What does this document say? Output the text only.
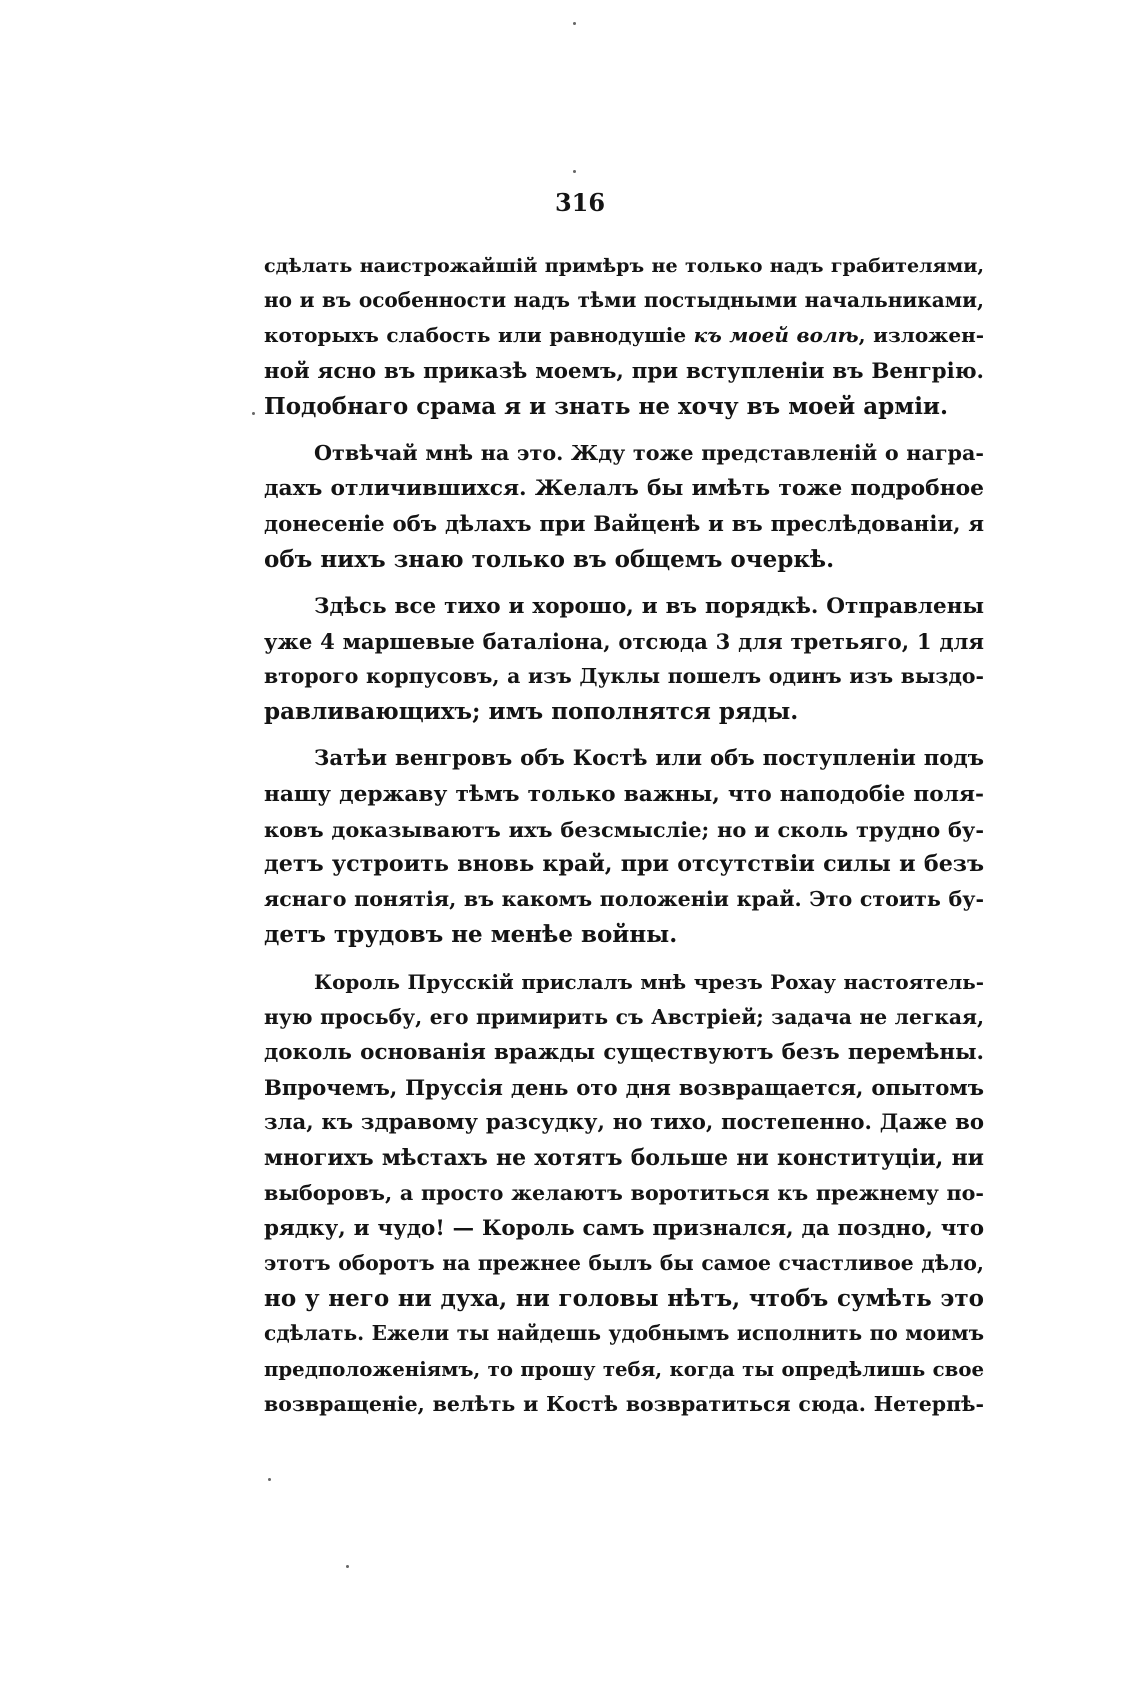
316
сдѣлать наистрожайшій примѣръ не только надъ грабителями,
но и въ особенности надъ тѣми постыдными начальниками,
которыхъ слабость или равнодушіе къ моей волѣ, изложен-
ной ясно въ приказѣ моемъ, при вступленіи въ Венгрію.
Подобнаго срама я и знать не хочу въ моей арміи.
Отвѣчай мнѣ на это. Жду тоже представленій о награ-
дахъ отличившихся. Желалъ бы имѣть тоже подробное
донесеніе объ дѣлахъ при Вайценѣ и въ преслѣдованіи, я
объ нихъ знаю только въ общемъ очеркѣ.
Здѣсь все тихо и хорошо, и въ порядкѣ. Отправлены
уже 4 маршевые баталіона, отсюда 3 для третьяго, 1 для
второго корпусовъ, а изъ Дуклы пошелъ одинъ изъ выздо-
равливающихъ; имъ пополнятся ряды.
Затѣи венгровъ объ Костѣ или объ поступленіи подъ
нашу державу тѣмъ только важны, что наподобіе поля-
ковъ доказываютъ ихъ безсмысліе; но и сколь трудно бу-
детъ устроить вновь край, при отсутствіи силы и безъ
яснаго понятія, въ какомъ положеніи край. Это стоить бу-
детъ трудовъ не менѣе войны.
Король Прусскій прислалъ мнѣ чрезъ Рохау настоятель-
ную просьбу, его примирить съ Австріей; задача не легкая,
доколь основанія вражды существуютъ безъ перемѣны.
Впрочемъ, Пруссія день ото дня возвращается, опытомъ
зла, къ здравому разсудку, но тихо, постепенно. Даже во
многихъ мѣстахъ не хотятъ больше ни конституціи, ни
выборовъ, а просто желаютъ воротиться къ прежнему по-
рядку, и чудо! — Король самъ признался, да поздно, что
этотъ оборотъ на прежнее былъ бы самое счастливое дѣло,
но у него ни духа, ни головы нѣтъ, чтобъ сумѣть это
сдѣлать. Ежели ты найдешь удобнымъ исполнить по моимъ
предположеніямъ, то прошу тебя, когда ты опредѣлишь свое
возвращеніе, велѣть и Костѣ возвратиться сюда. Нетерпѣ-
